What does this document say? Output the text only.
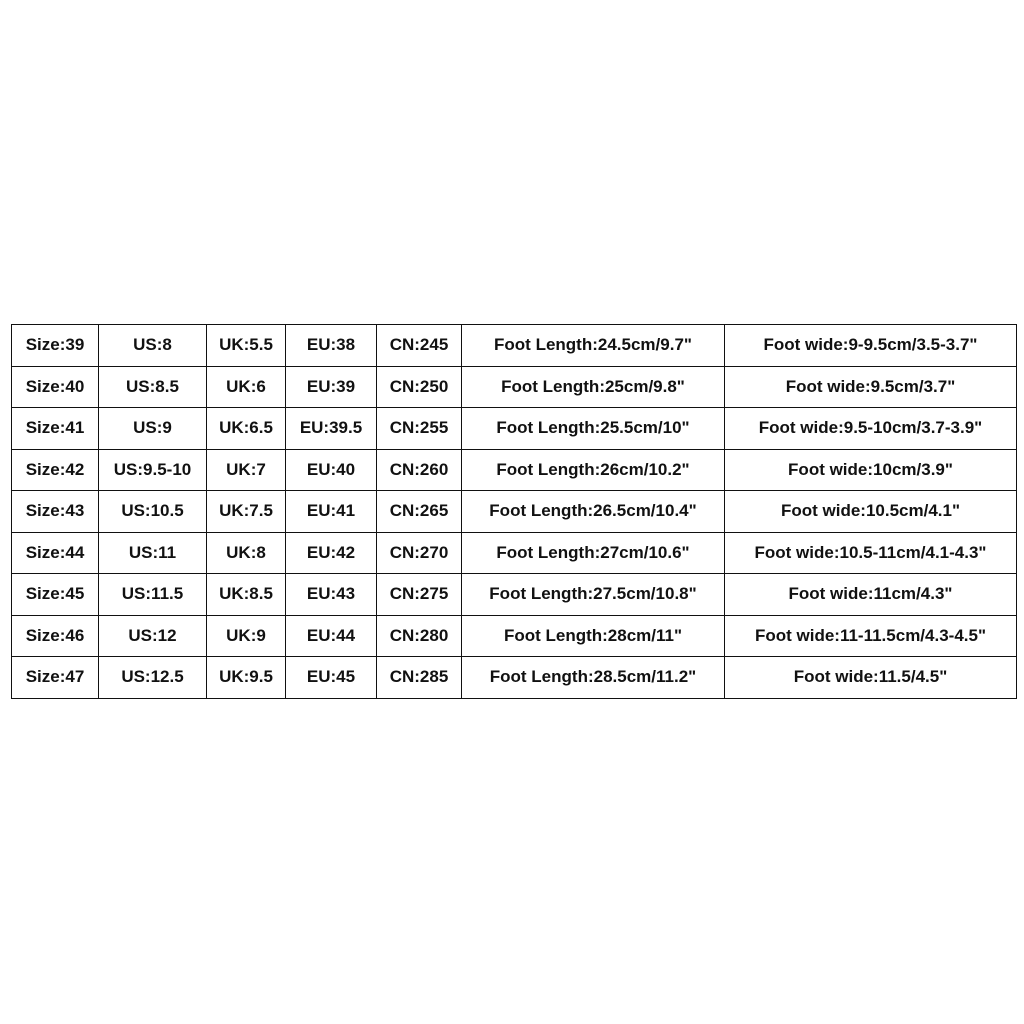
Size:39	US:8	UK:5.5	EU:38	CN:245	Foot Length:24.5cm/9.7"	Foot wide:9-9.5cm/3.5-3.7"
Size:40	US:8.5	UK:6	EU:39	CN:250	Foot Length:25cm/9.8"	Foot wide:9.5cm/3.7"
Size:41	US:9	UK:6.5	EU:39.5	CN:255	Foot Length:25.5cm/10"	Foot wide:9.5-10cm/3.7-3.9"
Size:42	US:9.5-10	UK:7	EU:40	CN:260	Foot Length:26cm/10.2"	Foot wide:10cm/3.9"
Size:43	US:10.5	UK:7.5	EU:41	CN:265	Foot Length:26.5cm/10.4"	Foot wide:10.5cm/4.1"
Size:44	US:11	UK:8	EU:42	CN:270	Foot Length:27cm/10.6"	Foot wide:10.5-11cm/4.1-4.3"
Size:45	US:11.5	UK:8.5	EU:43	CN:275	Foot Length:27.5cm/10.8"	Foot wide:11cm/4.3"
Size:46	US:12	UK:9	EU:44	CN:280	Foot Length:28cm/11"	Foot wide:11-11.5cm/4.3-4.5"
Size:47	US:12.5	UK:9.5	EU:45	CN:285	Foot Length:28.5cm/11.2"	Foot wide:11.5/4.5"
